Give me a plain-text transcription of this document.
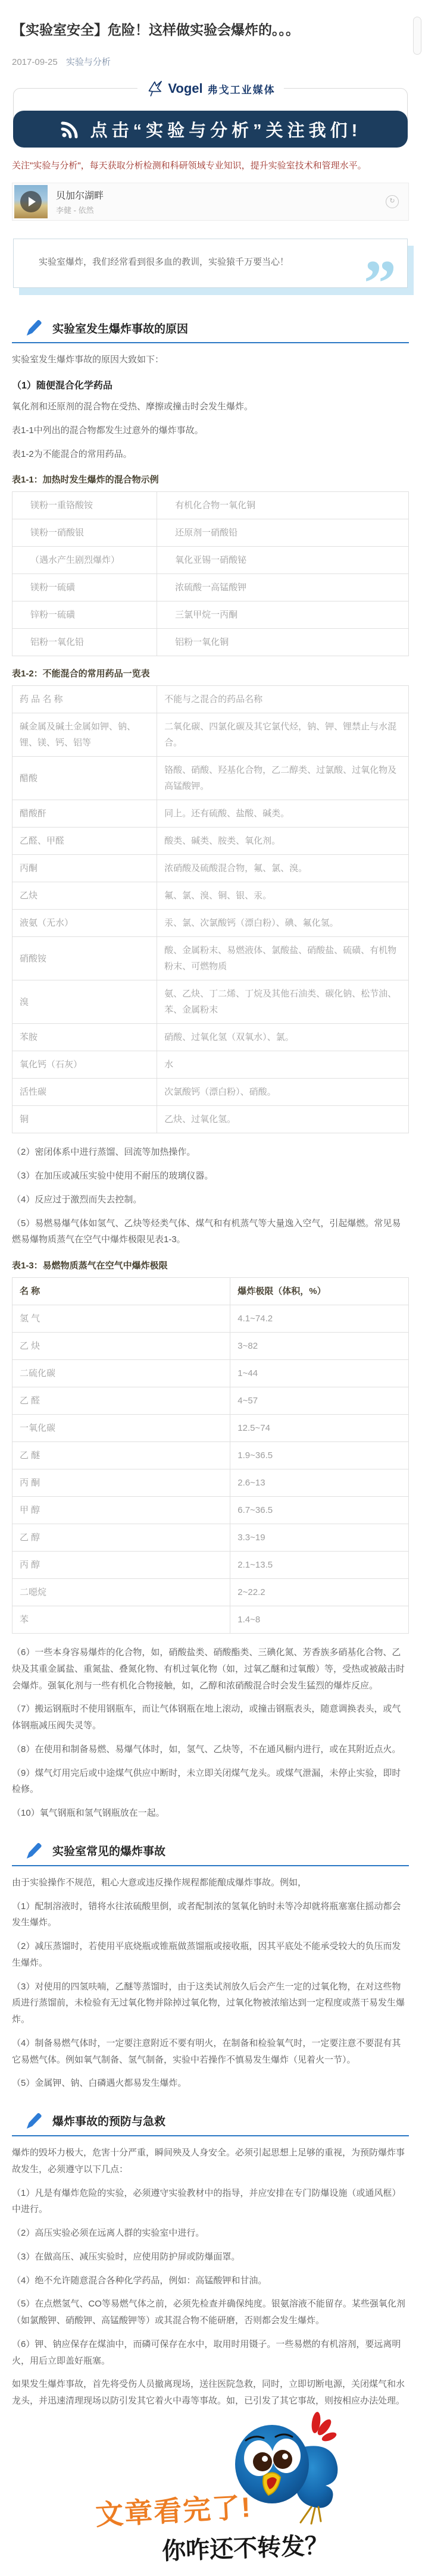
【实验室安全】危险！这样做实验会爆炸的。。。

2017-09-25 实验与分析

Vogel 弗戈工业媒体
点击“实验与分析”关注我们!

关注"实验与分析"，每天获取分析检测和科研领域专业知识，提升实验室技术和管理水平。

贝加尔湖畔
李健 - 依然
↻
实验室爆炸，我们经常看到很多血的教训，实验猿千万要当心！ ”
实验室发生爆炸事故的原因

实验室发生爆炸事故的原因大致如下：

（1）随便混合化学药品

氧化剂和还原剂的混合物在受热、摩擦或撞击时会发生爆炸。

表1-1中列出的混合物都发生过意外的爆炸事故。

表1-2为不能混合的常用药品。

表1-1：加热时发生爆炸的混合物示例

镁粉一重铬酸铵	有机化合物一氧化铜
镁粉一硝酸银	还原剂一硝酸铅
（遇水产生剧烈爆炸）	氧化亚锡一硝酸铋
镁粉一硫磺	浓硫酸一高锰酸钾
锌粉一硫磺	三氯甲烷一丙酮
铝粉一氧化铅	铝粉一氧化铜

表1-2：不能混合的常用药品一览表

药 品 名 称	不能与之混合的药品名称
碱金属及碱土金属如钾、钠、锂、镁、钙、铝等	二氧化碳、四氯化碳及其它氯代烃，钠、钾、锂禁止与水混合。
醋酸	铬酸、硝酸、羟基化合物，乙二醇类、过氯酸、过氧化物及高锰酸钾。
醋酸酐	同上。还有硫酸、盐酸、碱类。
乙醛、甲醛	酸类、碱类、胺类、氧化剂。
丙酮	浓硝酸及硫酸混合物，氟、氯、溴。
乙炔	氟、氯、溴、铜、银、汞。
液氨（无水）	汞、氯、次氯酸钙（漂白粉）、碘、氟化氢。
硝酸铵	酸、金属粉末、易燃液体、氯酸盐、硝酸盐、硫磺、有机物粉末、可燃物质
溴	氨、乙炔、丁二烯、丁烷及其他石油类、碳化钠、松节油、苯、金属粉末
苯胺	硝酸、过氧化氢（双氧水）、氯。
氧化钙（石灰）	水
活性碳	次氯酸钙（漂白粉）、硝酸。
铜	乙炔、过氧化氢。

（2）密闭体系中进行蒸馏、回流等加热操作。

（3）在加压或减压实验中使用不耐压的玻璃仪器。

（4）反应过于激烈而失去控制。

（5）易燃易爆气体如氢气、乙炔等烃类气体、煤气和有机蒸气等大量逸入空气，引起爆燃。常见易燃易爆物质蒸气在空气中爆炸极限见表1-3。

表1-3：易燃物质蒸气在空气中爆炸极限

名 称	爆炸极限（体积，%）
氢 气	4.1~74.2
乙 炔	3~82
二硫化碳	1~44
乙 醛	4~57
一氧化碳	12.5~74
乙 醚	1.9~36.5
丙 酮	2.6~13
甲 醇	6.7~36.5
乙 醇	3.3~19
丙 醇	2.1~13.5
二噁烷	2~22.2
苯	1.4~8

（6）一些本身容易爆炸的化合物，如，硝酸盐类、硝酸酯类、三碘化氮、芳香族多硝基化合物、乙炔及其重金属盐、重氮盐、叠氮化物、有机过氧化物（如，过氧乙醚和过氧酸）等，受热或被敲击时会爆炸。强氧化剂与一些有机化合物接触，如，乙醇和浓硝酸混合时会发生猛烈的爆炸反应。

（7）搬运钢瓶时不使用钢瓶车，而让气体钢瓶在地上滚动，或撞击钢瓶表头，随意调换表头，或气体钢瓶减压阀失灵等。

（8）在使用和制备易燃、易爆气体时，如，氢气、乙炔等，不在通风橱内进行，或在其附近点火。

（9）煤气灯用完后或中途煤气供应中断时，未立即关闭煤气龙头。或煤气泄漏，未停止实验，即时检修。

（10）氧气钢瓶和氢气钢瓶放在一起。

实验室常见的爆炸事故

由于实验操作不规范，粗心大意或违反操作规程都能酿成爆炸事故。例如，

（1）配制溶液时，错将水往浓硫酸里倒，或者配制浓的氢氧化钠时未等冷却就将瓶塞塞住摇动都会发生爆炸。

（2）减压蒸馏时，若使用平底烧瓶或锥瓶做蒸馏瓶或接收瓶，因其平底处不能承受较大的负压而发生爆炸。

（3）对使用的四氢呋喃，乙醚等蒸馏时，由于这类试剂放久后会产生一定的过氧化物，在对这些物质进行蒸馏前，未检验有无过氧化物并除掉过氧化物，过氧化物被浓缩达到一定程度或蒸干易发生爆炸。

（4）制备易燃气体时，一定要注意附近不要有明火，在制备和检验氧气时，一定要注意不要混有其它易燃气体。例如氧气制备、氢气制备，实验中若操作不慎易发生爆炸（见着火一节）。

（5）金属钾、钠、白磷遇火都易发生爆炸。

爆炸事故的预防与急救

爆炸的毁坏力极大，危害十分严重，瞬间殃及人身安全。必须引起思想上足够的重视，为预防爆炸事故发生，必须遵守以下几点：

（1）凡是有爆炸危险的实验，必须遵守实验教材中的指导，并应安排在专门防爆设施（或通风框）中进行。

（2）高压实验必须在远离人群的实验室中进行。

（3）在做高压、减压实验时，应使用防护屏或防爆面罩。

（4）绝不允许随意混合各种化学药品，例如：高锰酸钾和甘油。

（5）在点燃氢气、CO等易燃气体之前，必须先检查并确保纯度。银氨溶液不能留存。某些强氧化剂（如氯酸钾、硝酸钾、高锰酸钾等）或其混合物不能研磨，否则都会发生爆炸。

（6）钾、钠应保存在煤油中，而磷可保存在水中，取用时用镊子。一些易燃的有机溶剂，要远离明火，用后立即盖好瓶塞。

如果发生爆炸事故，首先将受伤人员撤离现场，送往医院急救，同时，立即切断电源，关闭煤气和水龙头，并迅速清理现场以防引发其它着火中毒等事故。如，已引发了其它事故，则按相应办法处理。

文章看完了!
你咋还不转发？
